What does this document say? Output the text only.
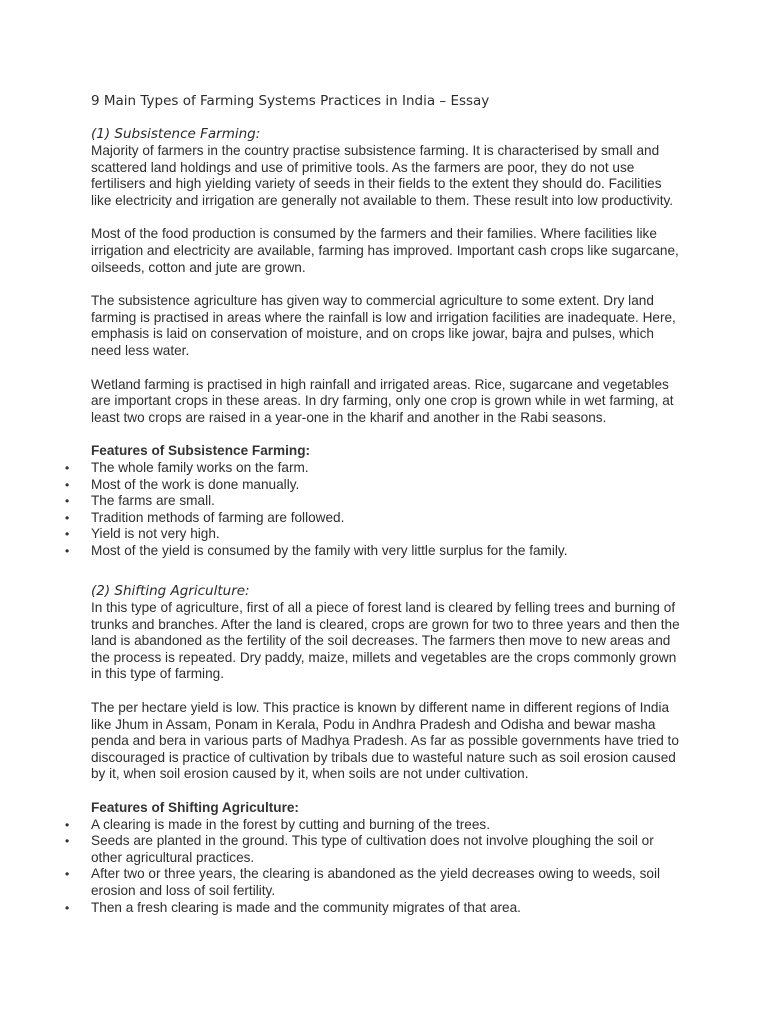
9 Main Types of Farming Systems Practices in India – Essay
(1) Subsistence Farming:

Majority of farmers in the country practise subsistence farming. It is characterised by small and scattered land holdings and use of primitive tools. As the farmers are poor, they do not use fertilisers and high yielding variety of seeds in their fields to the extent they should do. Facilities like electricity and irrigation are generally not available to them. These result into low productivity.

Most of the food production is consumed by the farmers and their families. Where facilities like irrigation and electricity are available, farming has improved. Important cash crops like sugarcane, oilseeds, cotton and jute are grown.

The subsistence agriculture has given way to commercial agriculture to some extent. Dry land farming is practised in areas where the rainfall is low and irrigation facilities are inadequate. Here, emphasis is laid on conservation of moisture, and on crops like jowar, bajra and pulses, which need less water.

Wetland farming is practised in high rainfall and irrigated areas. Rice, sugarcane and vegetables are important crops in these areas. In dry farming, only one crop is grown while in wet farming, at least two crops are raised in a year-one in the kharif and another in the Rabi seasons.

Features of Subsistence Farming:
• The whole family works on the farm.
• Most of the work is done manually.
• The farms are small.
• Tradition methods of farming are followed.
• Yield is not very high.
• Most of the yield is consumed by the family with very little surplus for the family.
(2) Shifting Agriculture:

In this type of agriculture, first of all a piece of forest land is cleared by felling trees and burning of trunks and branches. After the land is cleared, crops are grown for two to three years and then the land is abandoned as the fertility of the soil decreases. The farmers then move to new areas and the process is repeated. Dry paddy, maize, millets and vegetables are the crops commonly grown in this type of farming.

The per hectare yield is low. This practice is known by different name in different regions of India like Jhum in Assam, Ponam in Kerala, Podu in Andhra Pradesh and Odisha and bewar masha penda and bera in various parts of Madhya Pradesh. As far as possible governments have tried to discouraged is practice of cultivation by tribals due to wasteful nature such as soil erosion caused by it, when soil erosion caused by it, when soils are not under cultivation.

Features of Shifting Agriculture:
• A clearing is made in the forest by cutting and burning of the trees.
• Seeds are planted in the ground. This type of cultivation does not involve ploughing the soil or other agricultural practices.
• After two or three years, the clearing is abandoned as the yield decreases owing to weeds, soil erosion and loss of soil fertility.
• Then a fresh clearing is made and the community migrates of that area.
